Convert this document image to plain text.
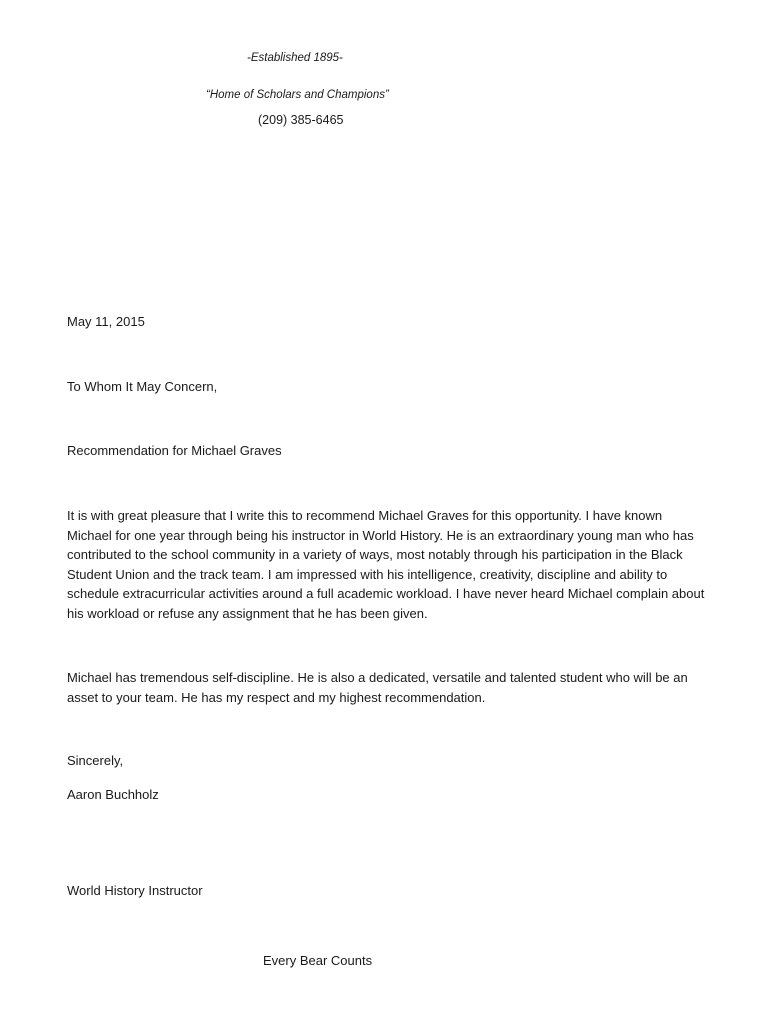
-Established 1895-
“Home of Scholars and Champions”
(209) 385-6465
May 11, 2015
To Whom It May Concern,
Recommendation for Michael Graves

It is with great pleasure that I write this to recommend Michael Graves for this opportunity. I have known Michael for one year through being his instructor in World History. He is an extraordinary young man who has contributed to the school community in a variety of ways, most notably through his participation in the Black Student Union and the track team. I am impressed with his intelligence, creativity, discipline and ability to schedule extracurricular activities around a full academic workload. I have never heard Michael complain about his workload or refuse any assignment that he has been given.

Michael has tremendous self-discipline. He is also a dedicated, versatile and talented student who will be an asset to your team. He has my respect and my highest recommendation.

Sincerely,
Aaron Buchholz
World History Instructor
Every Bear Counts
